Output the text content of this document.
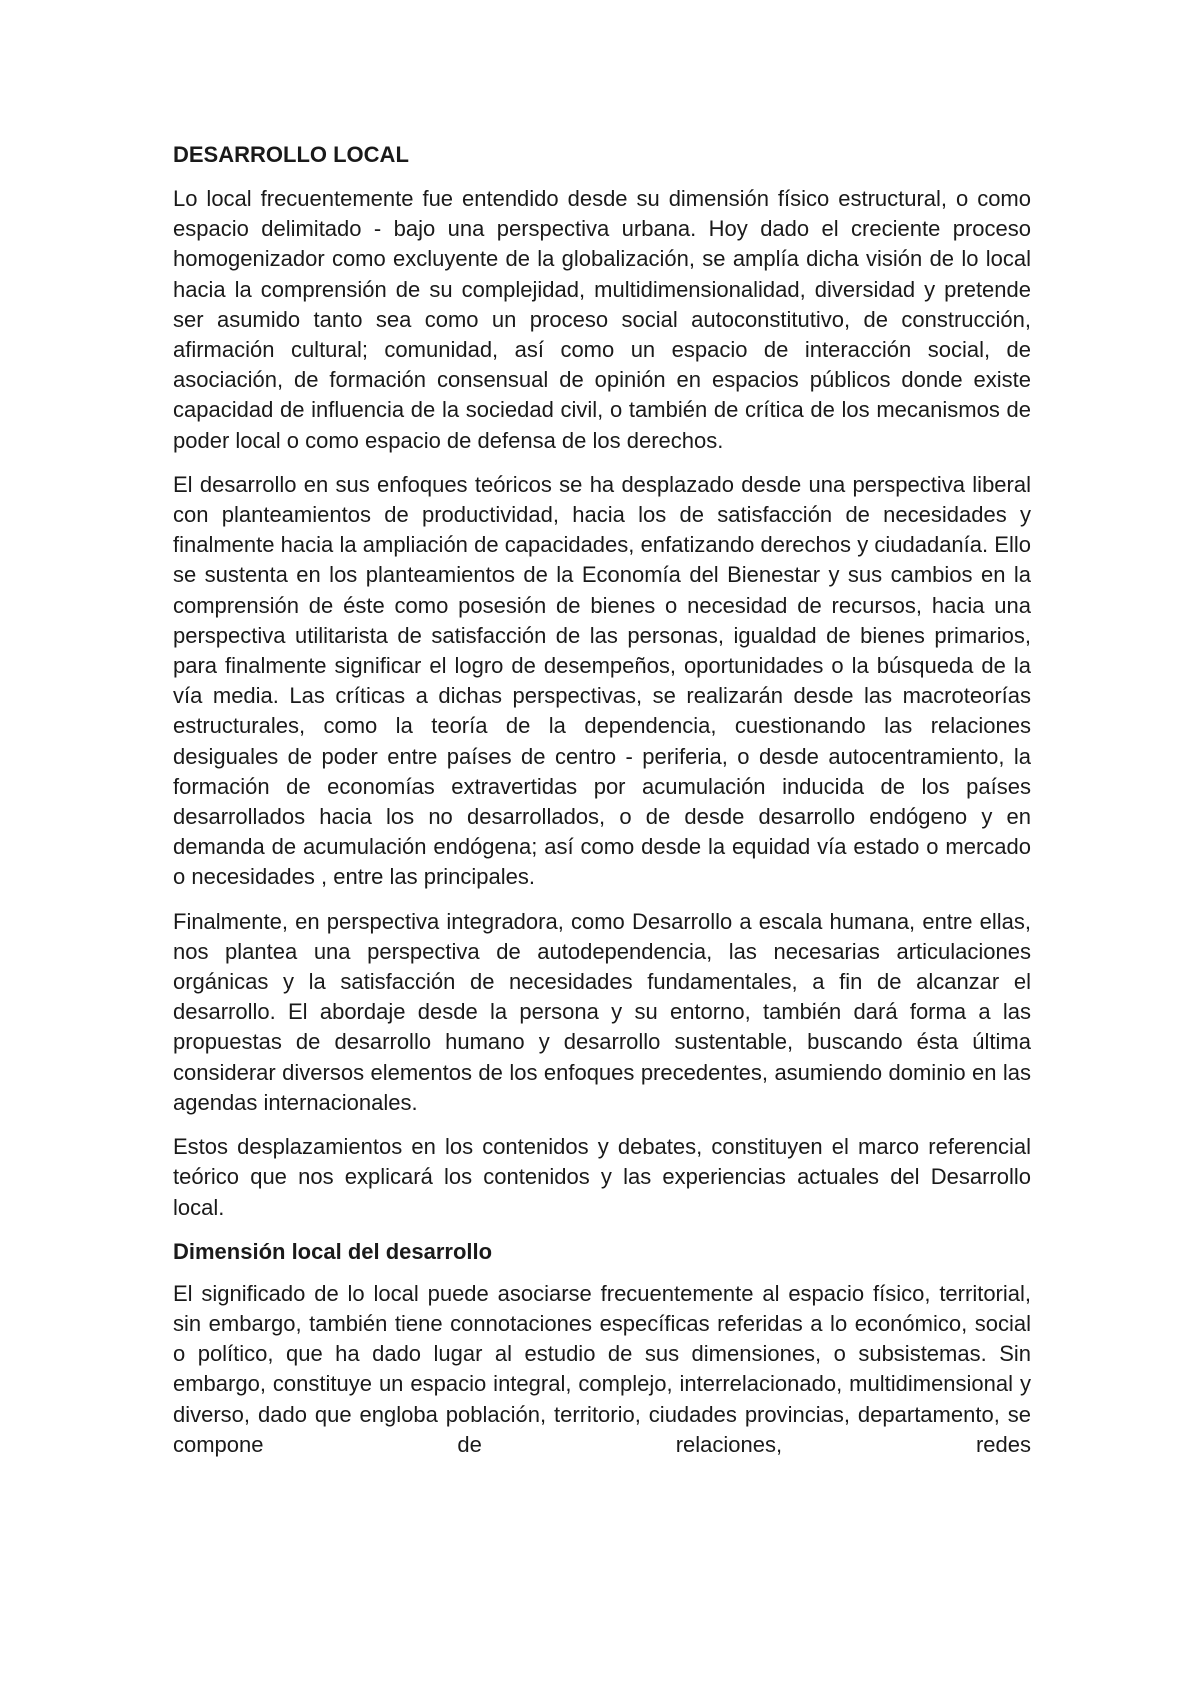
DESARROLLO LOCAL

Lo local frecuentemente fue entendido desde su dimensión físico estructural, o como espacio delimitado - bajo una perspectiva urbana. Hoy dado el creciente proceso homogenizador como excluyente de la globalización, se amplía dicha visión de lo local hacia la comprensión de su complejidad, multidimensionalidad, diversidad y pretende ser asumido tanto sea como un proceso social autoconstitutivo, de construcción, afirmación cultural; comunidad, así como un espacio de interacción social, de asociación, de formación consensual de opinión en espacios públicos donde existe capacidad de influencia de la sociedad civil, o también de crítica de los mecanismos de poder local o como espacio de defensa de los derechos.

El desarrollo en sus enfoques teóricos se ha desplazado desde una perspectiva liberal con planteamientos de productividad, hacia los de satisfacción de necesidades y finalmente hacia la ampliación de capacidades, enfatizando derechos y ciudadanía. Ello se sustenta en los planteamientos de la Economía del Bienestar y sus cambios en la comprensión de éste como posesión de bienes o necesidad de recursos, hacia una perspectiva utilitarista de satisfacción de las personas, igualdad de bienes primarios, para finalmente significar el logro de desempeños, oportunidades o la búsqueda de la vía media. Las críticas a dichas perspectivas, se realizarán desde las macroteorías estructurales, como la teoría de la dependencia, cuestionando las relaciones desiguales de poder entre países de centro - periferia, o desde autocentramiento, la formación de economías extravertidas por acumulación inducida de los países desarrollados hacia los no desarrollados, o de desde desarrollo endógeno y en demanda de acumulación endógena; así como desde la equidad vía estado o mercado o necesidades , entre las principales.

Finalmente, en perspectiva integradora, como Desarrollo a escala humana, entre ellas, nos plantea una perspectiva de autodependencia, las necesarias articulaciones orgánicas y la satisfacción de necesidades fundamentales, a fin de alcanzar el desarrollo. El abordaje desde la persona y su entorno, también dará forma a las propuestas de desarrollo humano y desarrollo sustentable, buscando ésta última considerar diversos elementos de los enfoques precedentes, asumiendo dominio en las agendas internacionales.

Estos desplazamientos en los contenidos y debates, constituyen el marco referencial teórico que nos explicará los contenidos y las experiencias actuales del Desarrollo local.

Dimensión local del desarrollo

El significado de lo local puede asociarse frecuentemente al espacio físico, territorial, sin embargo, también tiene connotaciones específicas referidas a lo económico, social o político, que ha dado lugar al estudio de sus dimensiones, o subsistemas. Sin embargo, constituye un espacio integral, complejo, interrelacionado, multidimensional y diverso, dado que engloba población, territorio, ciudades provincias, departamento, se compone de relaciones, redes
